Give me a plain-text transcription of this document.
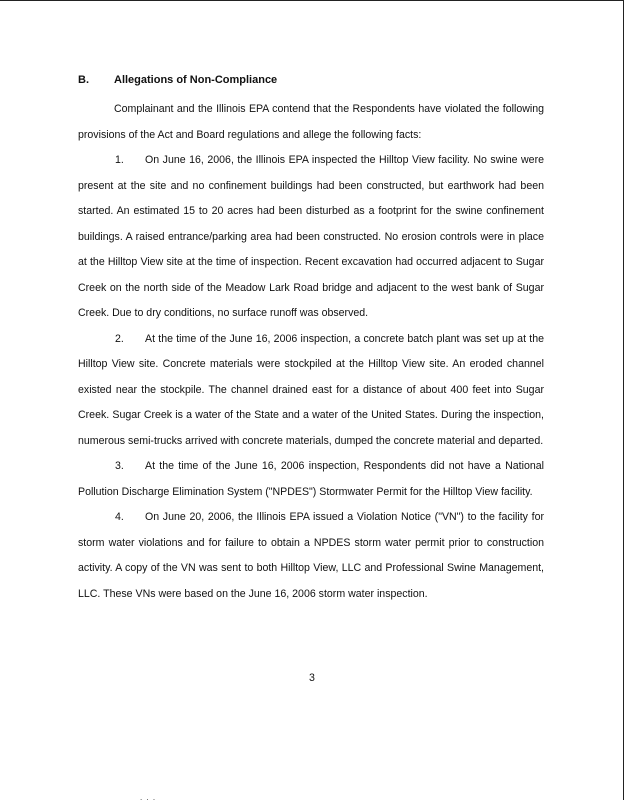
B. Allegations of Non-Compliance

Complainant and the Illinois EPA contend that the Respondents have violated the following provisions of the Act and Board regulations and allege the following facts:

1. On June 16, 2006, the Illinois EPA inspected the Hilltop View facility. No swine were present at the site and no confinement buildings had been constructed, but earthwork had been started. An estimated 15 to 20 acres had been disturbed as a footprint for the swine confinement buildings. A raised entrance/parking area had been constructed. No erosion controls were in place at the Hilltop View site at the time of inspection. Recent excavation had occurred adjacent to Sugar Creek on the north side of the Meadow Lark Road bridge and adjacent to the west bank of Sugar Creek. Due to dry conditions, no surface runoff was observed.

2. At the time of the June 16, 2006 inspection, a concrete batch plant was set up at the Hilltop View site. Concrete materials were stockpiled at the Hilltop View site. An eroded channel existed near the stockpile. The channel drained east for a distance of about 400 feet into Sugar Creek. Sugar Creek is a water of the State and a water of the United States. During the inspection, numerous semi-trucks arrived with concrete materials, dumped the concrete material and departed.

3. At the time of the June 16, 2006 inspection, Respondents did not have a National Pollution Discharge Elimination System ("NPDES") Stormwater Permit for the Hilltop View facility.

4. On June 20, 2006, the Illinois EPA issued a Violation Notice ("VN") to the facility for storm water violations and for failure to obtain a NPDES storm water permit prior to construction activity. A copy of the VN was sent to both Hilltop View, LLC and Professional Swine Management, LLC. These VNs were based on the June 16, 2006 storm water inspection.

3
. . .
